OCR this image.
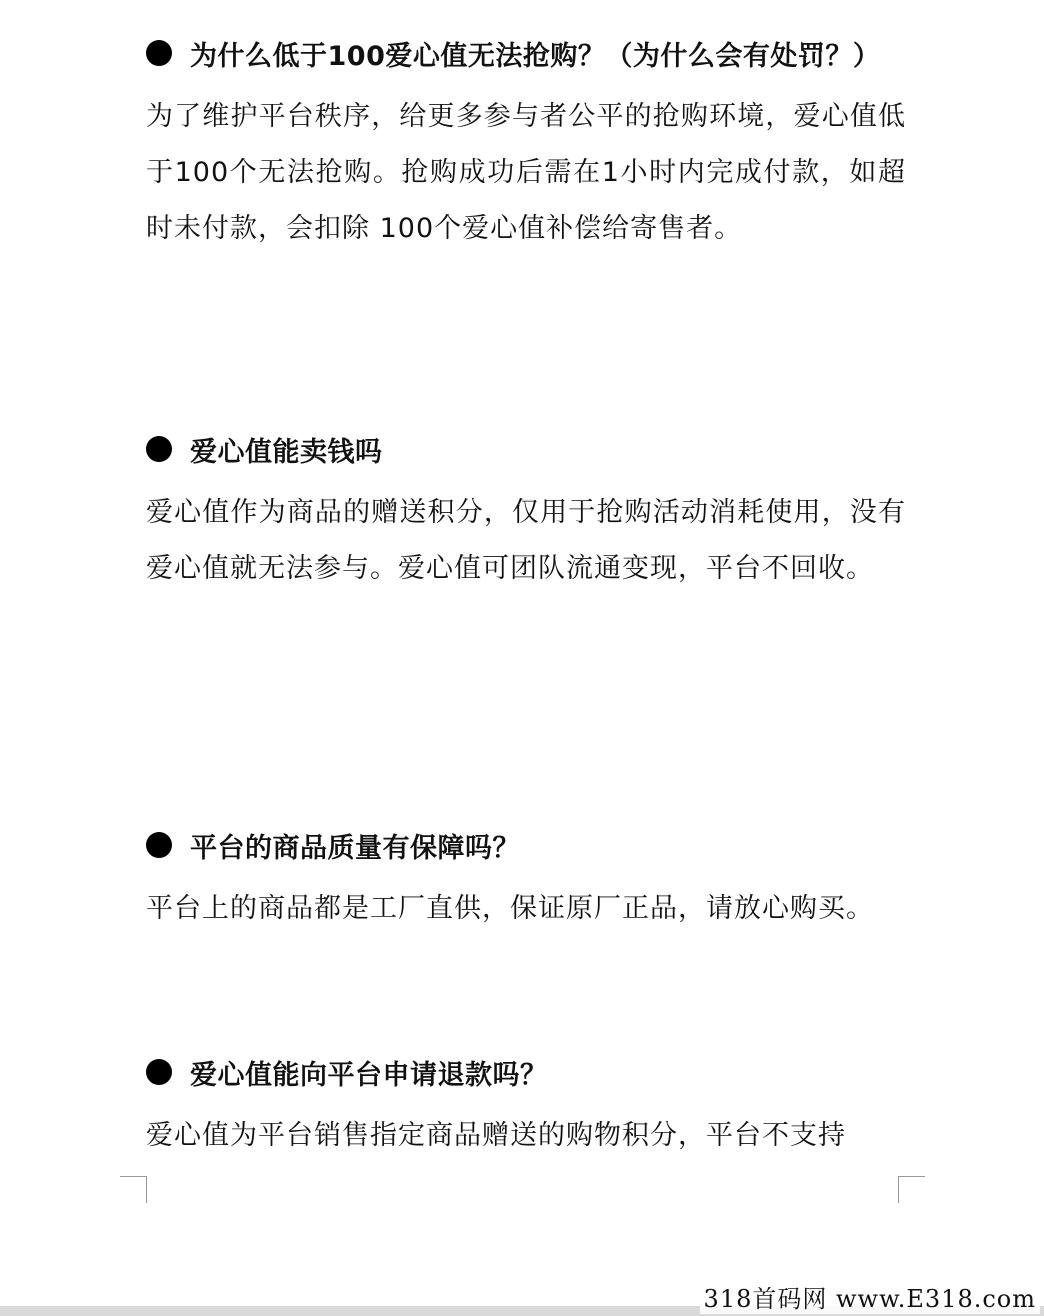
为什么低于100爱心值无法抢购？（为什么会有处罚？）
为了维护平台秩序，给更多参与者公平的抢购环境，爱心值低于100个无法抢购。抢购成功后需在1小时内完成付款，如超时未付款，会扣除 100个爱心值补偿给寄售者。
爱心值能卖钱吗
爱心值作为商品的赠送积分，仅用于抢购活动消耗使用，没有爱心值就无法参与。爱心值可团队流通变现，平台不回收。
平台的商品质量有保障吗？
平台上的商品都是工厂直供，保证原厂正品，请放心购买。
爱心值能向平台申请退款吗？
爱心值为平台销售指定商品赠送的购物积分，平台不支持
318首码网 www.E318.com
